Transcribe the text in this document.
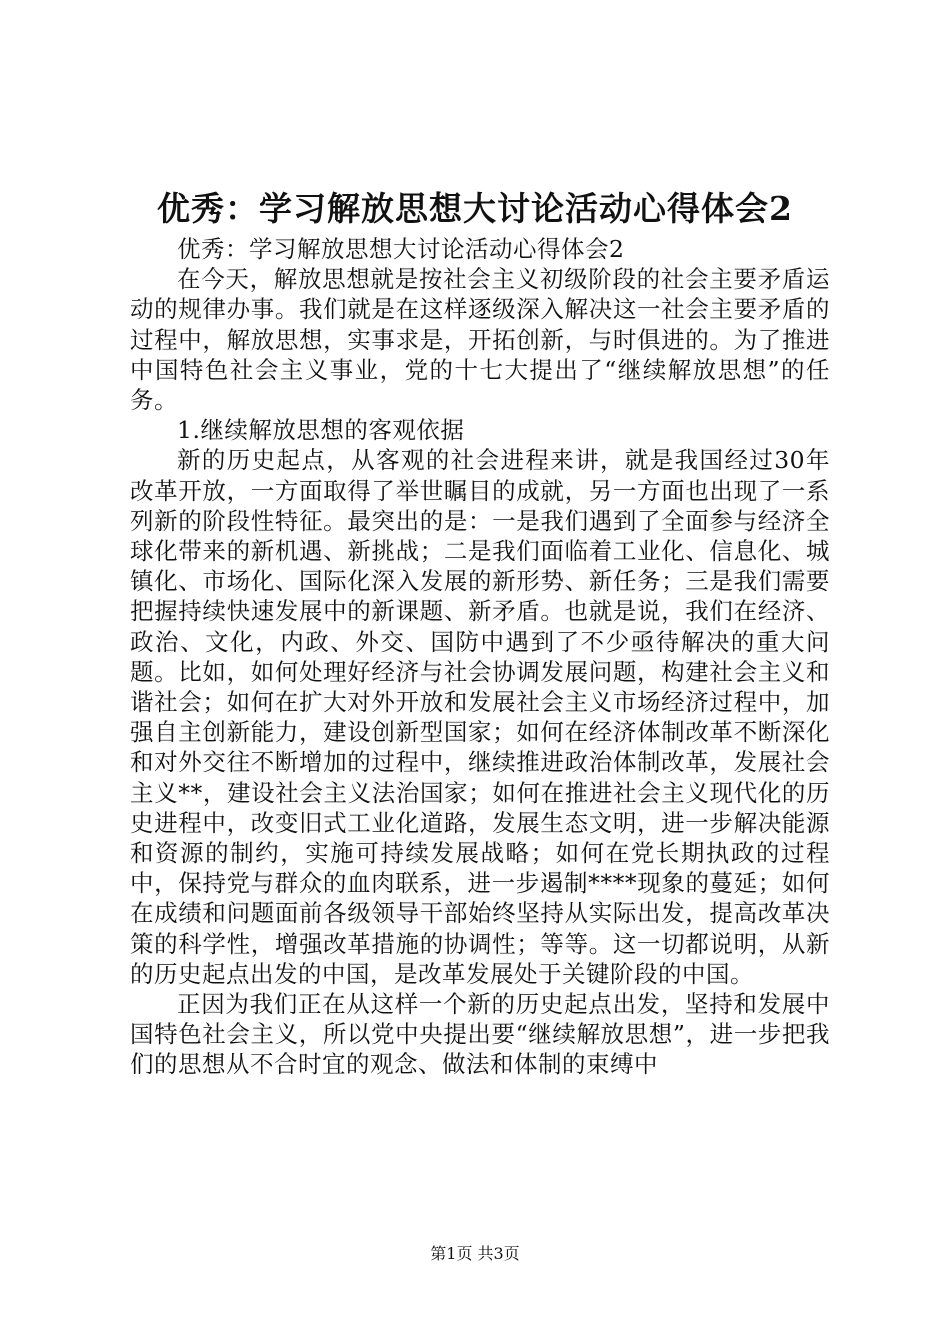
优秀：学习解放思想大讨论活动心得体会2

优秀：学习解放思想大讨论活动心得体会2

在今天，解放思想就是按社会主义初级阶段的社会主要矛盾运动的规律办事。我们就是在这样逐级深入解决这一社会主要矛盾的过程中，解放思想，实事求是，开拓创新，与时俱进的。为了推进中国特色社会主义事业，党的十七大提出了“继续解放思想”的任务。

1.继续解放思想的客观依据

新的历史起点，从客观的社会进程来讲，就是我国经过30年改革开放，一方面取得了举世瞩目的成就，另一方面也出现了一系列新的阶段性特征。最突出的是：一是我们遇到了全面参与经济全球化带来的新机遇、新挑战；二是我们面临着工业化、信息化、城镇化、市场化、国际化深入发展的新形势、新任务；三是我们需要把握持续快速发展中的新课题、新矛盾。也就是说，我们在经济、政治、文化，内政、外交、国防中遇到了不少亟待解决的重大问题。比如，如何处理好经济与社会协调发展问题，构建社会主义和谐社会；如何在扩大对外开放和发展社会主义市场经济过程中，加强自主创新能力，建设创新型国家；如何在经济体制改革不断深化和对外交往不断增加的过程中，继续推进政治体制改革，发展社会主义**，建设社会主义法治国家；如何在推进社会主义现代化的历史进程中，改变旧式工业化道路，发展生态文明，进一步解决能源和资源的制约，实施可持续发展战略；如何在党长期执政的过程中，保持党与群众的血肉联系，进一步遏制****现象的蔓延；如何在成绩和问题面前各级领导干部始终坚持从实际出发，提高改革决策的科学性，增强改革措施的协调性；等等。这一切都说明，从新的历史起点出发的中国，是改革发展处于关键阶段的中国。

正因为我们正在从这样一个新的历史起点出发，坚持和发展中国特色社会主义，所以党中央提出要“继续解放思想”，进一步把我们的思想从不合时宜的观念、做法和体制的束缚中

第1页 共3页
